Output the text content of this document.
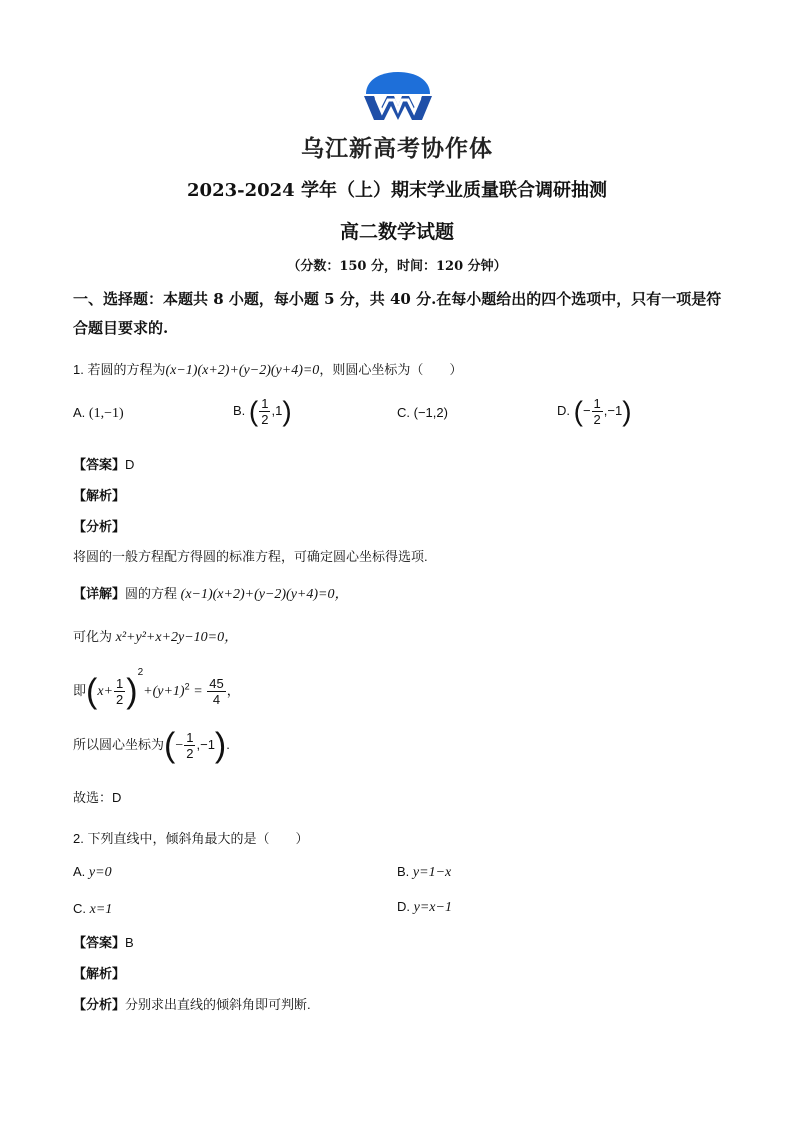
乌江新高考协作体
2023-2024 学年（上）期末学业质量联合调研抽测
高二数学试题
（分数：150 分，时间：120 分钟）
一、选择题：本题共 8 小题，每小题 5 分，共 40 分.在每小题给出的四个选项中，只有一项是符合题目要求的.
1. 若圆的方程为(x−1)(x+2)+(y−2)(y+4)=0，则圆心坐标为（　　）
A. (1,−1)	B. ( $\frac{1}{2} ,1$)	C. (−1,2)	D. (− $\frac{1}{2} ,-1$)
【答案】D
【解析】
【分析】
将圆的一般方程配方得圆的标准方程，可确定圆心坐标得选项.
【详解】圆的方程 (x−1)(x+2)+(y−2)(y+4)=0，
可化为 x²+y²+x+2y−10=0，
即$(x+ \frac{1}{2} )^2+(y+1)^2 = \frac{45}{4}$ ，
所以圆心坐标为(− $\frac{1}{2} ,-1$).
故选：D
2. 下列直线中，倾斜角最大的是（　　）
A. y=0	B. y=1−x
C. x=1	D. y=x−1
【答案】B
【解析】
【分析】分别求出直线的倾斜角即可判断.
